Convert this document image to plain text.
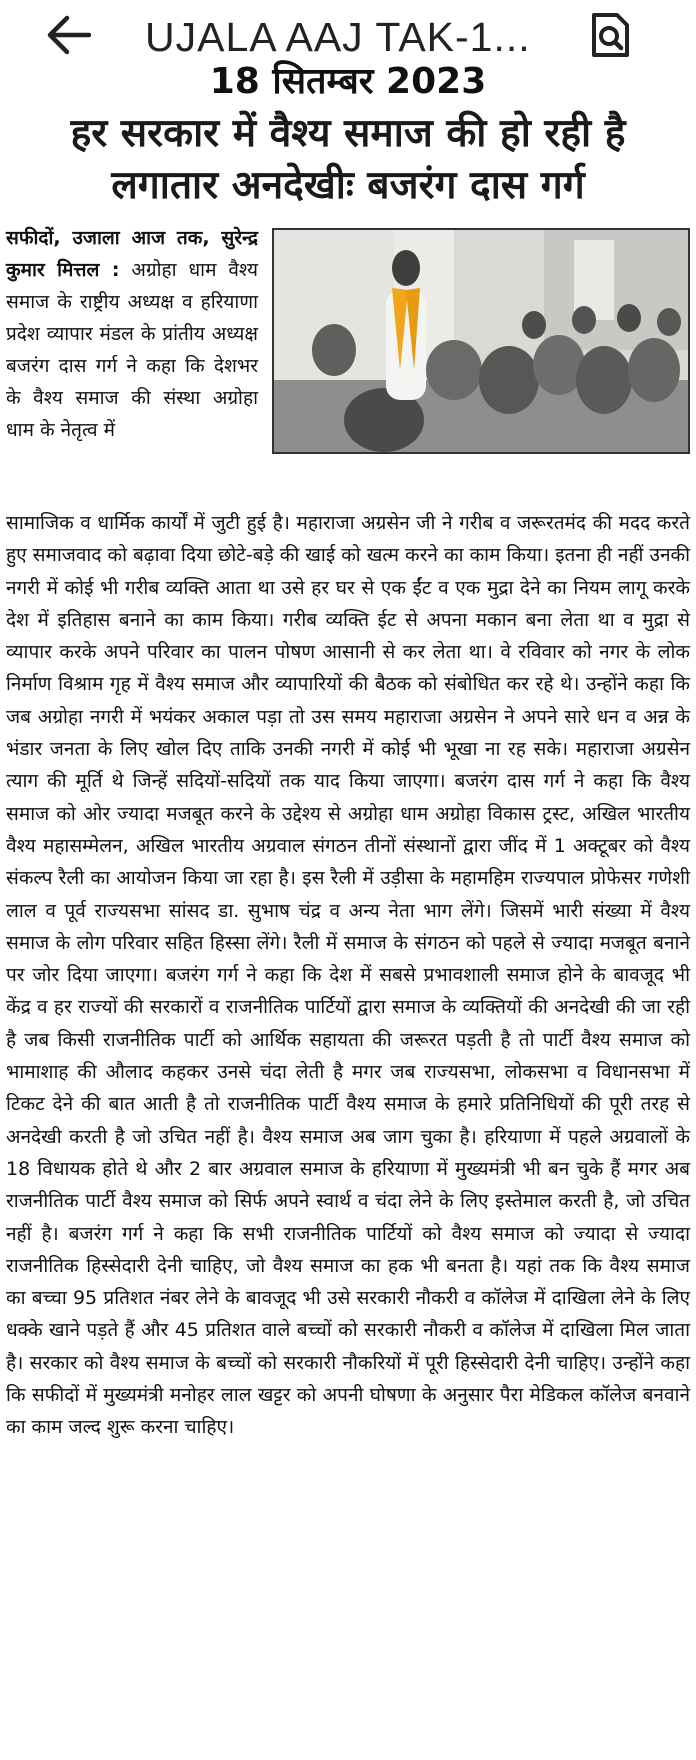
UJALA AAJ TAK-1...
18 सितम्बर 2023
हर सरकार में वैश्य समाज की हो रही है लगातार अनदेखीः बजरंग दास गर्ग
सफीदों, उजाला आज तक, सुरेन्द्र कुमार मित्तल : अग्रोहा धाम वैश्य समाज के राष्ट्रीय अध्यक्ष व हरियाणा प्रदेश व्यापार मंडल के प्रांतीय अध्यक्ष बजरंग दास गर्ग ने कहा कि देशभर के वैश्य समाज की संस्था अग्रोहा धाम के नेतृत्व में
सामाजिक व धार्मिक कार्यों में जुटी हुई है। महाराजा अग्रसेन जी ने गरीब व जरूरतमंद की मदद करते हुए समाजवाद को बढ़ावा दिया छोटे-बड़े की खाई को खत्म करने का काम किया। इतना ही नहीं उनकी नगरी में कोई भी गरीब व्यक्ति आता था उसे हर घर से एक ईंट व एक मुद्रा देने का नियम लागू करके देश में इतिहास बनाने का काम किया। गरीब व्यक्ति ईट से अपना मकान बना लेता था व मुद्रा से व्यापार करके अपने परिवार का पालन पोषण आसानी से कर लेता था। वे रविवार को नगर के लोक निर्माण विश्राम गृह में वैश्य समाज और व्यापारियों की बैठक को संबोधित कर रहे थे। उन्होंने कहा कि जब अग्रोहा नगरी में भयंकर अकाल पड़ा तो उस समय महाराजा अग्रसेन ने अपने सारे धन व अन्न के भंडार जनता के लिए खोल दिए ताकि उनकी नगरी में कोई भी भूखा ना रह सके। महाराजा अग्रसेन त्याग की मूर्ति थे जिन्हें सदियों-सदियों तक याद किया जाएगा। बजरंग दास गर्ग ने कहा कि वैश्य समाज को ओर ज्यादा मजबूत करने के उद्देश्य से अग्रोहा धाम अग्रोहा विकास ट्रस्ट, अखिल भारतीय वैश्य महासम्मेलन, अखिल भारतीय अग्रवाल संगठन तीनों संस्थानों द्वारा जींद में 1 अक्टूबर को वैश्य संकल्प रैली का आयोजन किया जा रहा है। इस रैली में उड़ीसा के महामहिम राज्यपाल प्रोफेसर गणेशी लाल व पूर्व राज्यसभा सांसद डा. सुभाष चंद्र व अन्य नेता भाग लेंगे। जिसमें भारी संख्या में वैश्य समाज के लोग परिवार सहित हिस्सा लेंगे। रैली में समाज के संगठन को पहले से ज्यादा मजबूत बनाने पर जोर दिया जाएगा। बजरंग गर्ग ने कहा कि देश में सबसे प्रभावशाली समाज होने के बावजूद भी केंद्र व हर राज्यों की सरकारों व राजनीतिक पार्टियों द्वारा समाज के व्यक्तियों की अनदेखी की जा रही है जब किसी राजनीतिक पार्टी को आर्थिक सहायता की जरूरत पड़ती है तो पार्टी वैश्य समाज को भामाशाह की औलाद कहकर उनसे चंदा लेती है मगर जब राज्यसभा, लोकसभा व विधानसभा में टिकट देने की बात आती है तो राजनीतिक पार्टी वैश्य समाज के हमारे प्रतिनिधियों की पूरी तरह से अनदेखी करती है जो उचित नहीं है। वैश्य समाज अब जाग चुका है। हरियाणा में पहले अग्रवालों के 18 विधायक होते थे और 2 बार अग्रवाल समाज के हरियाणा में मुख्यमंत्री भी बन चुके हैं मगर अब राजनीतिक पार्टी वैश्य समाज को सिर्फ अपने स्वार्थ व चंदा लेने के लिए इस्तेमाल करती है, जो उचित नहीं है। बजरंग गर्ग ने कहा कि सभी राजनीतिक पार्टियों को वैश्य समाज को ज्यादा से ज्यादा राजनीतिक हिस्सेदारी देनी चाहिए, जो वैश्य समाज का हक भी बनता है। यहां तक कि वैश्य समाज का बच्चा 95 प्रतिशत नंबर लेने के बावजूद भी उसे सरकारी नौकरी व कॉलेज में दाखिला लेने के लिए धक्के खाने पड़ते हैं और 45 प्रतिशत वाले बच्चों को सरकारी नौकरी व कॉलेज में दाखिला मिल जाता है। सरकार को वैश्य समाज के बच्चों को सरकारी नौकरियों में पूरी हिस्सेदारी देनी चाहिए। उन्होंने कहा कि सफीदों में मुख्यमंत्री मनोहर लाल खट्टर को अपनी घोषणा के अनुसार पैरा मेडिकल कॉलेज बनवाने का काम जल्द शुरू करना चाहिए।
